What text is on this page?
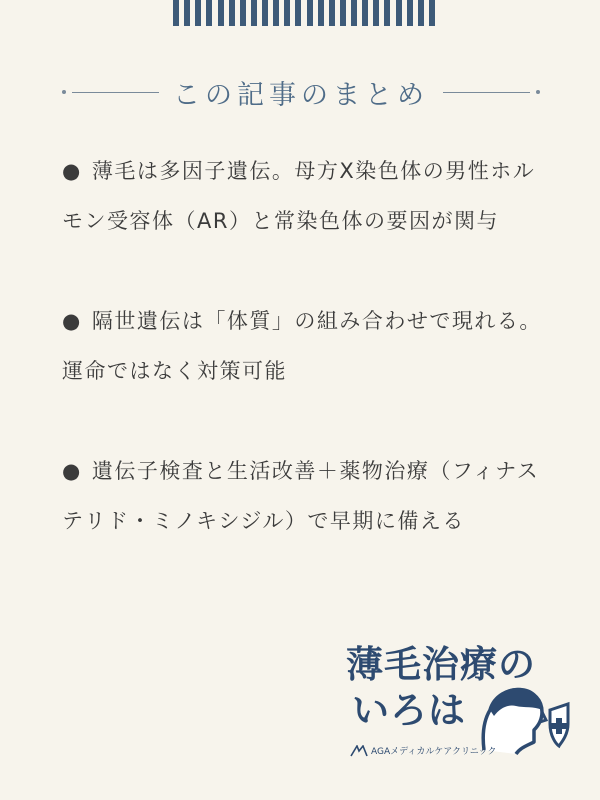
この記事のまとめ
● 薄毛は多因子遺伝。母方X染色体の男性ホルモン受容体（AR）と常染色体の要因が関与
● 隔世遺伝は「体質」の組み合わせで現れる。運命ではなく対策可能
● 遺伝子検査と生活改善＋薬物治療（フィナステリド・ミノキシジル）で早期に備える
薄毛治療の
いろは
AGAメディカルケアクリニック
